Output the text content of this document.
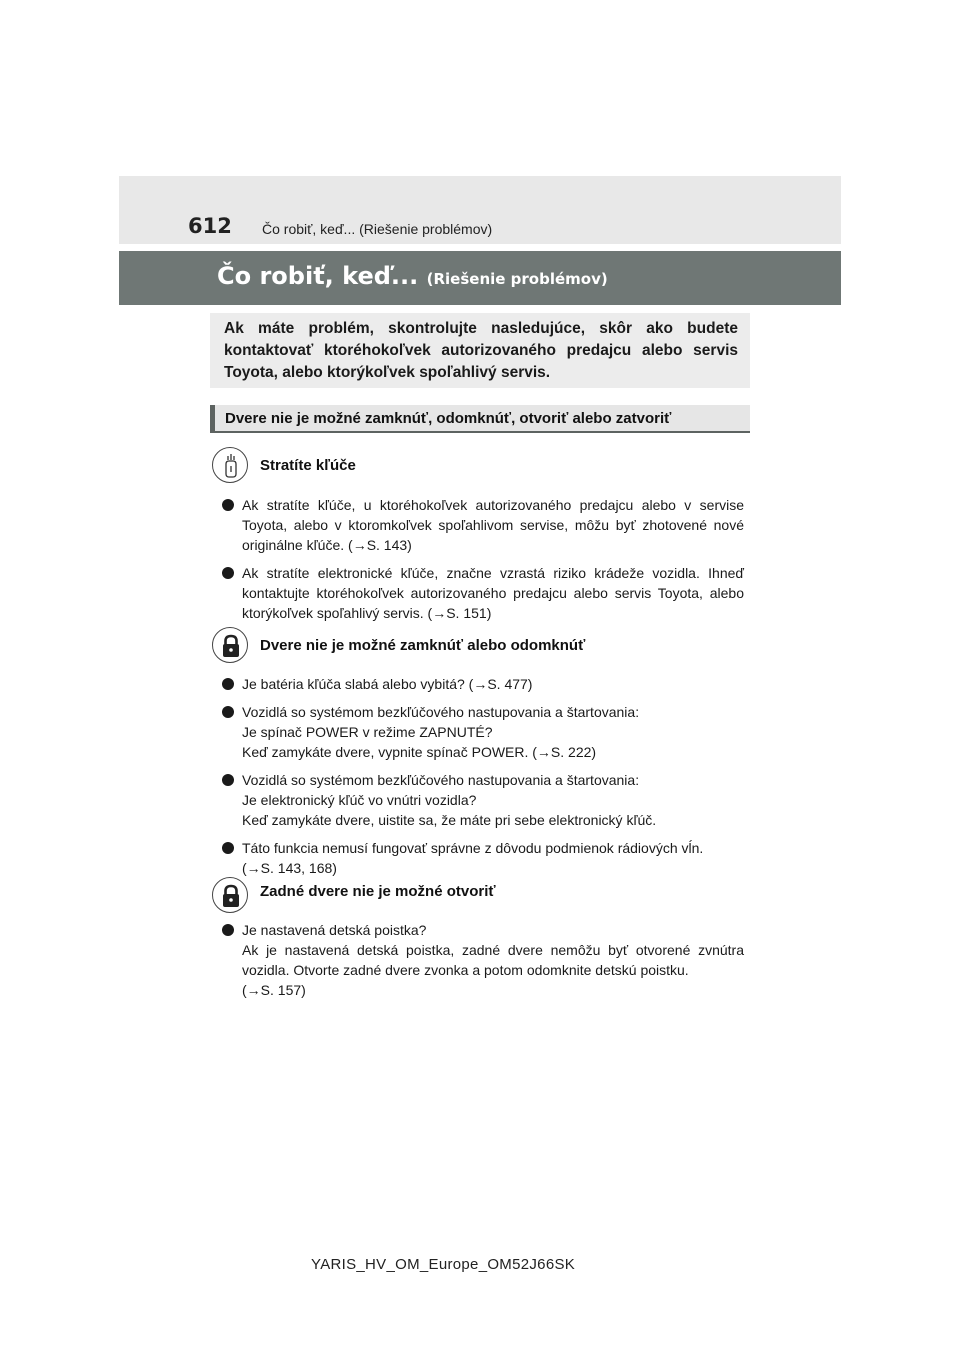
612 Čo robiť, keď... (Riešenie problémov)
Čo robiť, keď... (Riešenie problémov)
Ak máte problém, skontrolujte nasledujúce, skôr ako budete kontaktovať ktoréhokoľvek autorizovaného predajcu alebo servis Toyota, alebo ktorýkoľvek spoľahlivý servis.
Dvere nie je možné zamknúť, odomknúť, otvoriť alebo zatvoriť
Stratíte kľúče
Ak stratíte kľúče, u ktoréhokoľvek autorizovaného predajcu alebo v servise Toyota, alebo v ktoromkoľvek spoľahlivom servise, môžu byť zhotovené nové originálne kľúče. (→S. 143)
Ak stratíte elektronické kľúče, značne vzrastá riziko krádeže vozidla. Ihneď kontaktujte ktoréhokoľvek autorizovaného predajcu alebo servis Toyota, alebo ktorýkoľvek spoľahlivý servis. (→S. 151)
Dvere nie je možné zamknúť alebo odomknúť
Je batéria kľúča slabá alebo vybitá? (→S. 477)
Vozidlá so systémom bezkľúčového nastupovania a štartovania:
Je spínač POWER v režime ZAPNUTÉ?
Keď zamykáte dvere, vypnite spínač POWER. (→S. 222)
Vozidlá so systémom bezkľúčového nastupovania a štartovania:
Je elektronický kľúč vo vnútri vozidla?
Keď zamykáte dvere, uistite sa, že máte pri sebe elektronický kľúč.
Táto funkcia nemusí fungovať správne z dôvodu podmienok rádiových vĺn.
(→S. 143, 168)
Zadné dvere nie je možné otvoriť
Je nastavená detská poistka?
Ak je nastavená detská poistka, zadné dvere nemôžu byť otvorené zvnútra vozidla. Otvorte zadné dvere zvonka a potom odomknite detskú poistku.
(→S. 157)
YARIS_HV_OM_Europe_OM52J66SK
